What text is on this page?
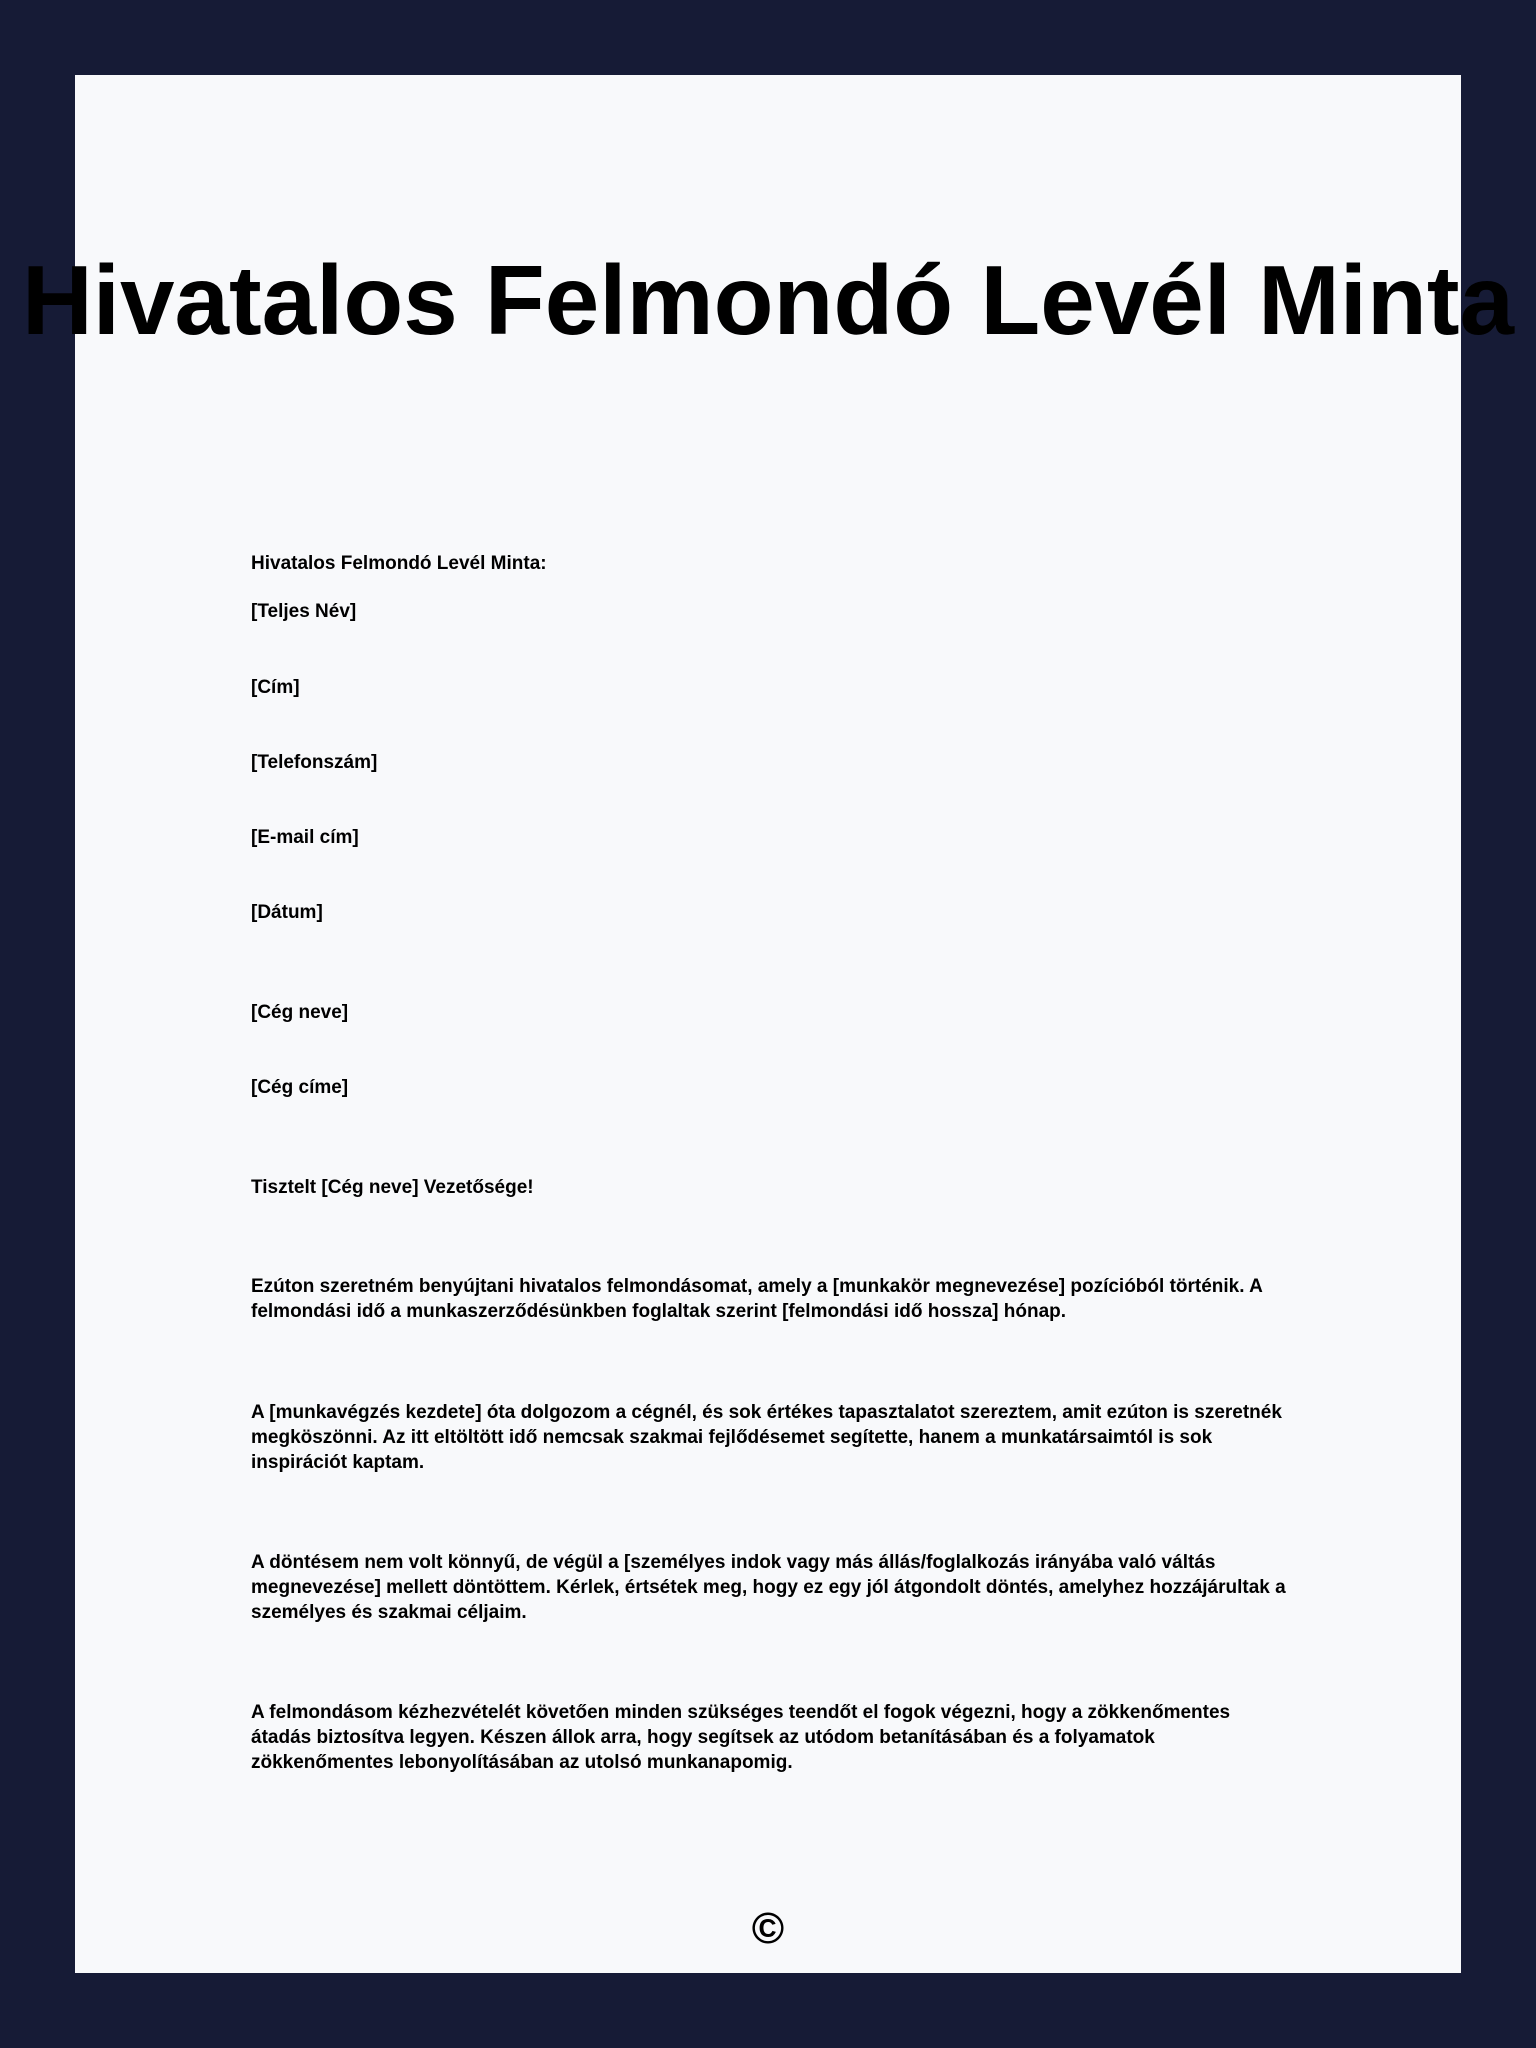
Hivatalos Felmondó Levél Minta

Hivatalos Felmondó Levél Minta:

[Teljes Név]

[Cím]

[Telefonszám]

[E-mail cím]

[Dátum]

[Cég neve]

[Cég címe]

Tisztelt [Cég neve] Vezetősége!

Ezúton szeretném benyújtani hivatalos felmondásomat, amely a [munkakör megnevezése] pozícióból történik. A felmondási idő a munkaszerződésünkben foglaltak szerint [felmondási idő hossza] hónap.

A [munkavégzés kezdete] óta dolgozom a cégnél, és sok értékes tapasztalatot szereztem, amit ezúton is szeretnék megköszönni. Az itt eltöltött idő nemcsak szakmai fejlődésemet segítette, hanem a munkatársaimtól is sok inspirációt kaptam.

A döntésem nem volt könnyű, de végül a [személyes indok vagy más állás/foglalkozás irányába való váltás megnevezése] mellett döntöttem. Kérlek, értsétek meg, hogy ez egy jól átgondolt döntés, amelyhez hozzájárultak a személyes és szakmai céljaim.

A felmondásom kézhezvételét követően minden szükséges teendőt el fogok végezni, hogy a zökkenőmentes átadás biztosítva legyen. Készen állok arra, hogy segítsek az utódom betanításában és a folyamatok zökkenőmentes lebonyolításában az utolsó munkanapomig.

©
